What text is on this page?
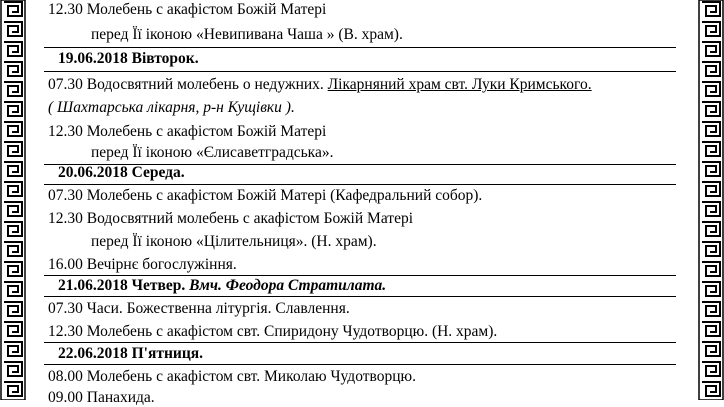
12.30 Молебень с акафістом Божій Матері
перед Її іконою «Невипивана Чаша » (В. храм).
19.06.2018 Вівторок.
07.30 Водосвятний молебень о недужних. Лікарняний храм свт. Луки Кримського.
( Шахтарська лікарня, р-н Кущівки ).
12.30 Молебень с акафістом Божій Матері
перед Її іконою «Єлисаветградська».
20.06.2018 Середа.
07.30 Молебень с акафістом Божій Матері (Кафедральний собор).
12.30 Водосвятний молебень с акафістом Божій Матері
перед Її іконою «Цілительниця». (Н. храм).
16.00 Вечірнє богослужіння.
21.06.2018 Четвер. Вмч. Феодора Стратилата.
07.30 Часи. Божественна літургія. Славлення.
12.30 Молебень с акафістом свт. Спиридону Чудотворцю. (Н. храм).
22.06.2018 П'ятниця.
08.00 Молебень с акафістом свт. Миколаю Чудотворцю.
09.00 Панахида.
